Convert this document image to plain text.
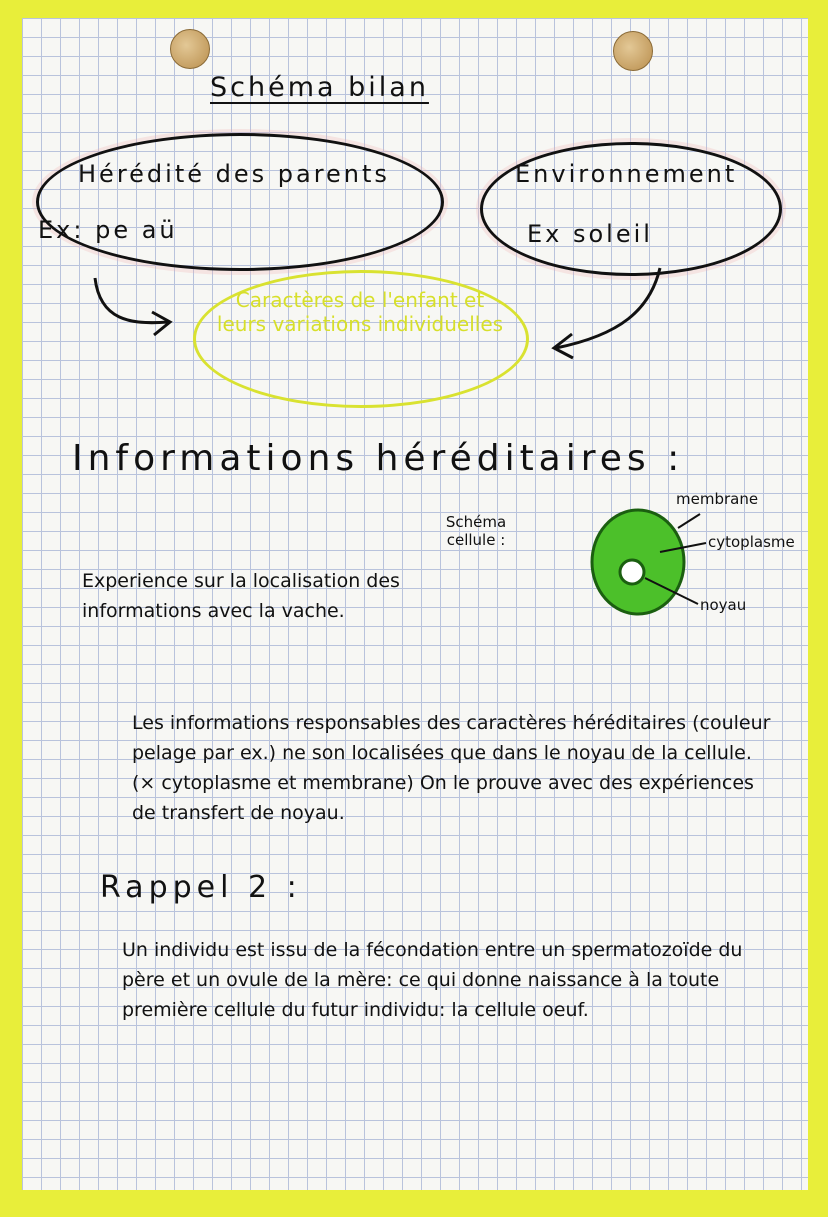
Schéma bilan
Hérédité des parents
Ex: pe aü
Environnement
Ex soleil
Caractères de l'enfant et leurs variations individuelles
Informations héréditaires :
Schéma cellule :
membrane
cytoplasme
noyau
Experience sur la localisation des informations avec la vache.
Les informations responsables des caractères héréditaires (couleur pelage par ex.) ne son localisées que dans le noyau de la cellule. (× cytoplasme et membrane) On le prouve avec des expériences de transfert de noyau.
Rappel 2 :
Un individu est issu de la fécondation entre un spermatozoïde du père et un ovule de la mère: ce qui donne naissance à la toute première cellule du futur individu: la cellule oeuf.
